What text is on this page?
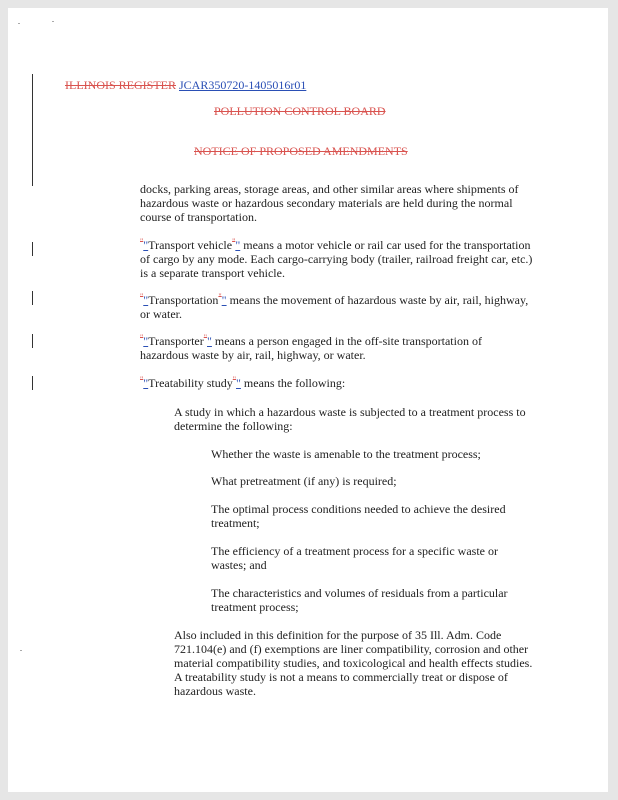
ILLINOIS REGISTER JCAR350720-1405016r01
POLLUTION CONTROL BOARD
NOTICE OF PROPOSED AMENDMENTS
docks, parking areas, storage areas, and other similar areas where shipments of
hazardous waste or hazardous secondary materials are held during the normal
course of transportation.
""Transport vehicle"" means a motor vehicle or rail car used for the transportation
of cargo by any mode. Each cargo-carrying body (trailer, railroad freight car, etc.)
is a separate transport vehicle.
""Transportation"" means the movement of hazardous waste by air, rail, highway,
or water.
""Transporter"" means a person engaged in the off-site transportation of
hazardous waste by air, rail, highway, or water.
""Treatability study"" means the following:
A study in which a hazardous waste is subjected to a treatment process to
determine the following:
Whether the waste is amenable to the treatment process;
What pretreatment (if any) is required;
The optimal process conditions needed to achieve the desired
treatment;
The efficiency of a treatment process for a specific waste or
wastes; and
The characteristics and volumes of residuals from a particular
treatment process;
Also included in this definition for the purpose of 35 Ill. Adm. Code
721.104(e) and (f) exemptions are liner compatibility, corrosion and other
material compatibility studies, and toxicological and health effects studies.
A treatability study is not a means to commercially treat or dispose of
hazardous waste.
